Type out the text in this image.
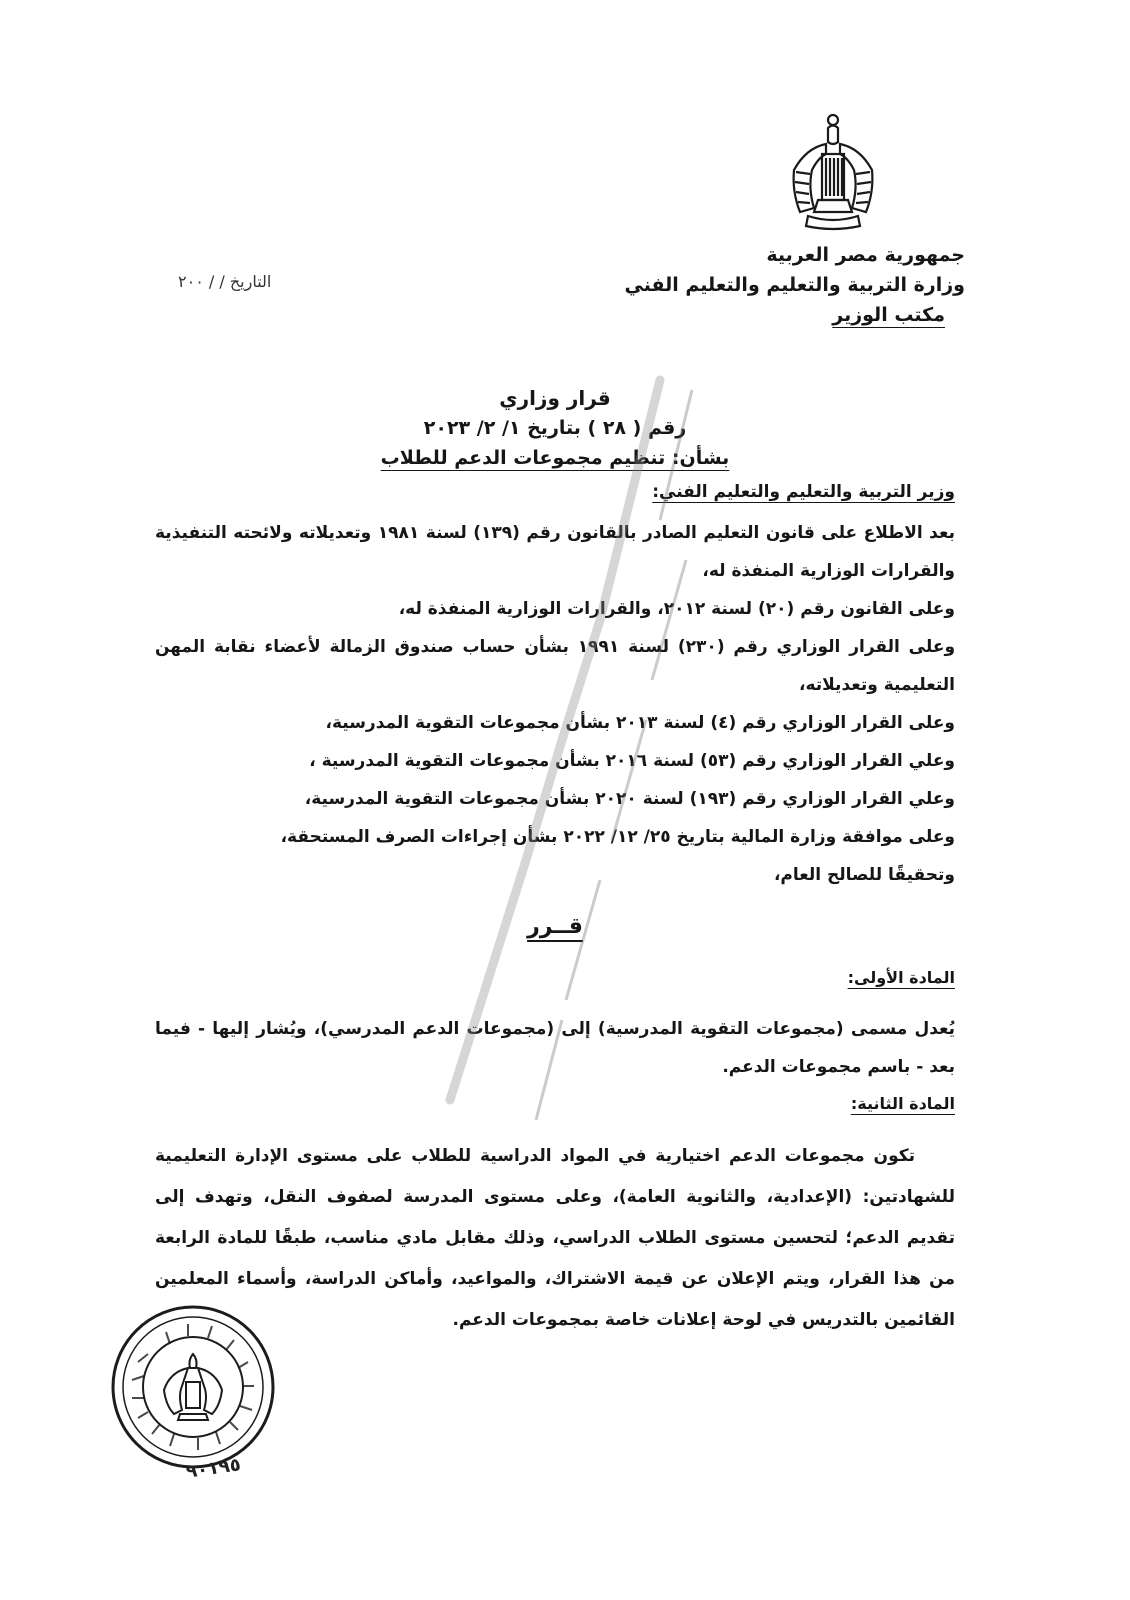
جمهورية مصر العربية
وزارة التربية والتعليم والتعليم الفني
مكتب الوزير
التاريخ / / ٢٠٠
قرار وزاري
رقم ( ٢٨ ) بتاريخ ١/ ٢/ ٢٠٢٣
بشأن: تنظيم مجموعات الدعم للطلاب
وزير التربية والتعليم والتعليم الفني:

بعد الاطلاع على قانون التعليم الصادر بالقانون رقم (١٣٩) لسنة ١٩٨١ وتعديلاته ولائحته التنفيذية والقرارات الوزارية المنفذة له،

وعلى القانون رقم (٢٠) لسنة ٢٠١٢، والقرارات الوزارية المنفذة له،

وعلى القرار الوزاري رقم (٢٣٠) لسنة ١٩٩١ بشأن حساب صندوق الزمالة لأعضاء نقابة المهن التعليمية وتعديلاته،

وعلى القرار الوزاري رقم (٤) لسنة ٢٠١٣ بشأن مجموعات التقوية المدرسية،

وعلي القرار الوزاري رقم (٥٣) لسنة ٢٠١٦ بشأن مجموعات التقوية المدرسية ،

وعلي القرار الوزاري رقم (١٩٣) لسنة ٢٠٢٠ بشأن مجموعات التقوية المدرسية،

وعلى موافقة وزارة المالية بتاريخ ٢٥/ ١٢/ ٢٠٢٢ بشأن إجراءات الصرف المستحقة،

وتحقيقًا للصالح العام،

قــرر
المادة الأولى:

يُعدل مسمى (مجموعات التقوية المدرسية) إلى (مجموعات الدعم المدرسي)، ويُشار إليها - فيما بعد - باسم مجموعات الدعم.

المادة الثانية:

تكون مجموعات الدعم اختيارية في المواد الدراسية للطلاب على مستوى الإدارة التعليمية للشهادتين: (الإعدادية، والثانوية العامة)، وعلى مستوى المدرسة لصفوف النقل، وتهدف إلى تقديم الدعم؛ لتحسين مستوى الطلاب الدراسي، وذلك مقابل مادي مناسب، طبقًا للمادة الرابعة من هذا القرار، ويتم الإعلان عن قيمة الاشتراك، والمواعيد، وأماكن الدراسة، وأسماء المعلمين القائمين بالتدريس في لوحة إعلانات خاصة بمجموعات الدعم.

٩٠١٩٥
